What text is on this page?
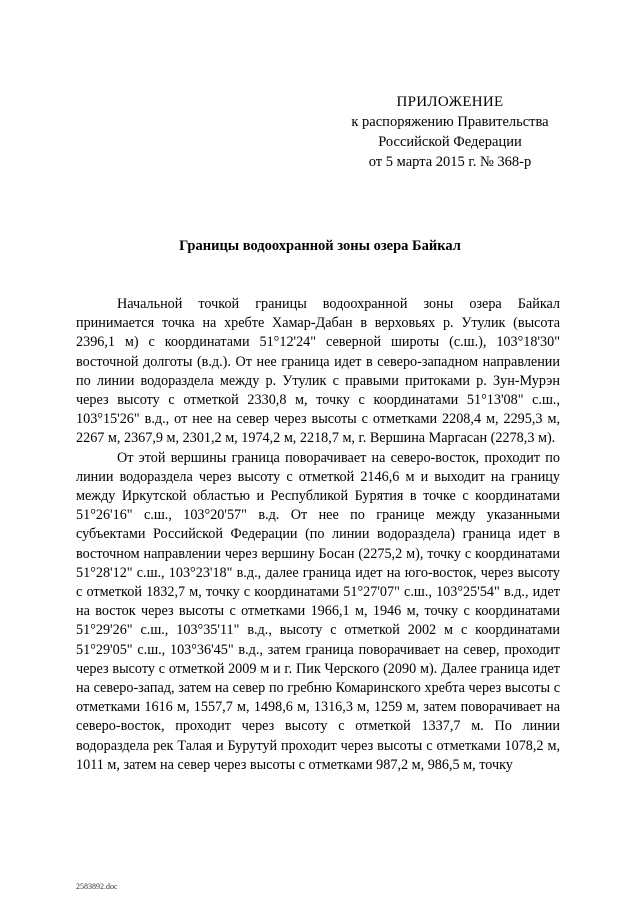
ПРИЛОЖЕНИЕ
к распоряжению Правительства
Российской Федерации
от 5 марта 2015 г. № 368-р
Границы водоохранной зоны озера Байкал

Начальной точкой границы водоохранной зоны озера Байкал принимается точка на хребте Хамар-Дабан в верховьях р. Утулик (высота 2396,1 м) с координатами 51°12'24" северной широты (с.ш.), 103°18'30" восточной долготы (в.д.). От нее граница идет в северо-западном направлении по линии водораздела между р. Утулик с правыми притоками р. Зун-Мурэн через высоту с отметкой 2330,8 м, точку с координатами 51°13'08" с.ш., 103°15'26" в.д., от нее на север через высоты с отметками 2208,4 м, 2295,3 м, 2267 м, 2367,9 м, 2301,2 м, 1974,2 м, 2218,7 м, г. Вершина Маргасан (2278,3 м).

От этой вершины граница поворачивает на северо-восток, проходит по линии водораздела через высоту с отметкой 2146,6 м и выходит на границу между Иркутской областью и Республикой Бурятия в точке с координатами 51°26'16" с.ш., 103°20'57" в.д. От нее по границе между указанными субъектами Российской Федерации (по линии водораздела) граница идет в восточном направлении через вершину Босан (2275,2 м), точку с координатами 51°28'12" с.ш., 103°23'18" в.д., далее граница идет на юго-восток, через высоту с отметкой 1832,7 м, точку с координатами 51°27'07" с.ш., 103°25'54" в.д., идет на восток через высоты с отметками 1966,1 м, 1946 м, точку с координатами 51°29'26" с.ш., 103°35'11" в.д., высоту с отметкой 2002 м с координатами 51°29'05" с.ш., 103°36'45" в.д., затем граница поворачивает на север, проходит через высоту с отметкой 2009 м и г. Пик Черского (2090 м). Далее граница идет на северо-запад, затем на север по гребню Комаринского хребта через высоты с отметками 1616 м, 1557,7 м, 1498,6 м, 1316,3 м, 1259 м, затем поворачивает на северо-восток, проходит через высоту с отметкой 1337,7 м. По линии водораздела рек Талая и Бурутуй проходит через высоты с отметками 1078,2 м, 1011 м, затем на север через высоты с отметками 987,2 м, 986,5 м, точку

2583892.doc
